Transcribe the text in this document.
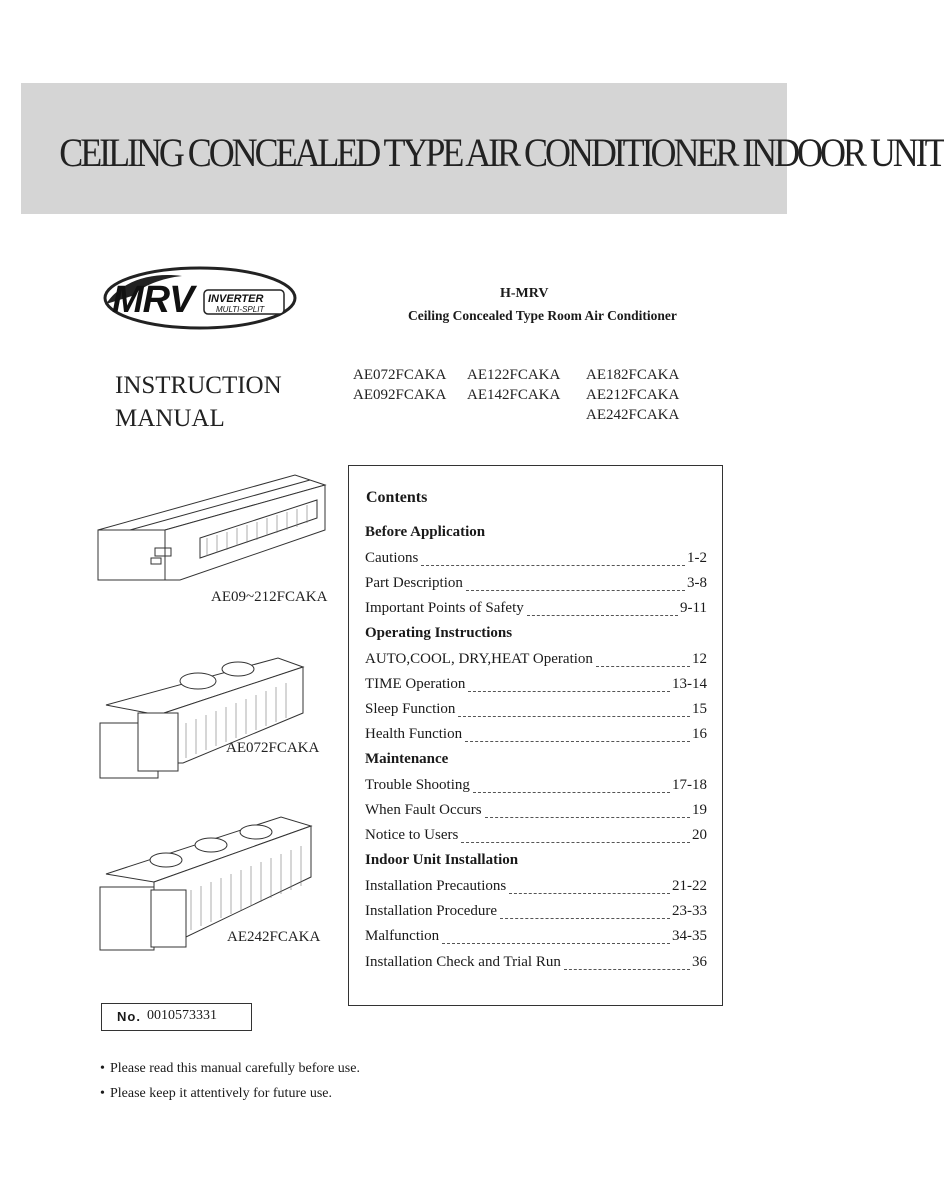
CEILING CONCEALED TYPE AIR CONDITIONER INDOOR UNIT
MRV	INVERTER
MULTI-SPLIT
H-MRV
Ceiling Concealed Type Room Air Conditioner
INSTRUCTION
MANUAL
AE072FCAKA AE122FCAKA AE182FCAKA
AE092FCAKA AE142FCAKA AE212FCAKA
AE242FCAKA
AE09~212FCAKA
AE072FCAKA
AE242FCAKA
Contents
Before Application
Cautions	1-2
Part Description	3-8
Important Points of Safety	9-11
Operating Instructions
AUTO,COOL, DRY,HEAT Operation	12
TIME Operation	13-14
Sleep Function	15
Health Function	16
Maintenance
Trouble Shooting	17-18
When Fault Occurs	19
Notice to Users	20
Indoor Unit Installation
Installation Precautions	21-22
Installation Procedure	23-33
Malfunction	34-35
Installation Check and Trial Run	36
No. 0010573331
• Please read this manual carefully before use.
• Please keep it attentively for future use.
